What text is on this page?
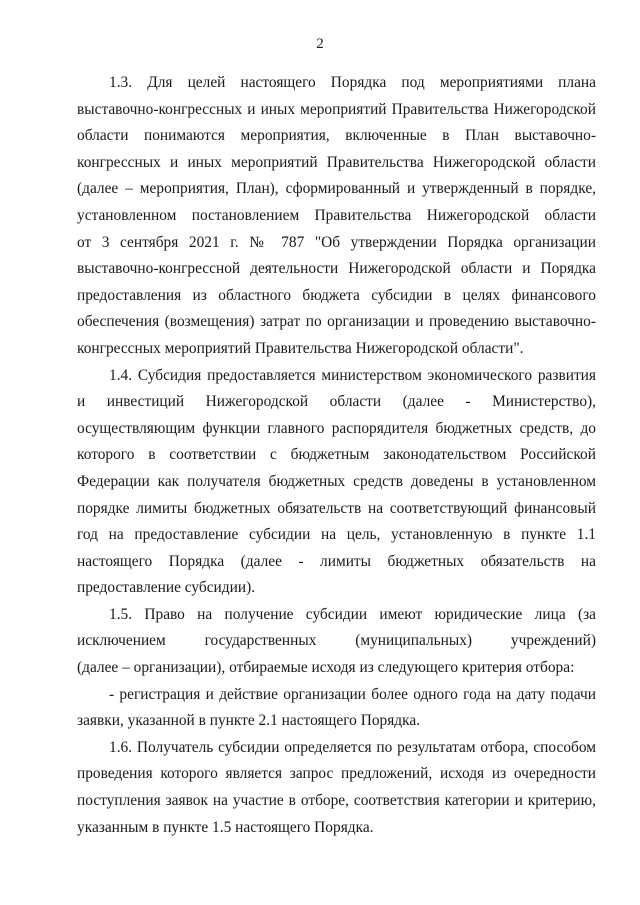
2
1.3. Для целей настоящего Порядка под мероприятиями плана
выставочно-конгрессных и иных мероприятий Правительства Нижегородской
области понимаются мероприятия, включенные в План выставочно-
конгрессных и иных мероприятий Правительства Нижегородской области
(далее – мероприятия, План), сформированный и утвержденный в порядке,
установленном постановлением Правительства Нижегородской области
от 3 сентября 2021 г. № 787 "Об утверждении Порядка организации
выставочно-конгрессной деятельности Нижегородской области и Порядка
предоставления из областного бюджета субсидии в целях финансового
обеспечения (возмещения) затрат по организации и проведению выставочно-
конгрессных мероприятий Правительства Нижегородской области".
1.4. Субсидия предоставляется министерством экономического развития
и инвестиций Нижегородской области (далее - Министерство),
осуществляющим функции главного распорядителя бюджетных средств, до
которого в соответствии с бюджетным законодательством Российской
Федерации как получателя бюджетных средств доведены в установленном
порядке лимиты бюджетных обязательств на соответствующий финансовый
год на предоставление субсидии на цель, установленную в пункте 1.1
настоящего Порядка (далее - лимиты бюджетных обязательств на
предоставление субсидии).
1.5. Право на получение субсидии имеют юридические лица (за
исключением государственных (муниципальных) учреждений)
(далее – организации), отбираемые исходя из следующего критерия отбора:
- регистрация и действие организации более одного года на дату подачи
заявки, указанной в пункте 2.1 настоящего Порядка.
1.6. Получатель субсидии определяется по результатам отбора, способом
проведения которого является запрос предложений, исходя из очередности
поступления заявок на участие в отборе, соответствия категории и критерию,
указанным в пункте 1.5 настоящего Порядка.
